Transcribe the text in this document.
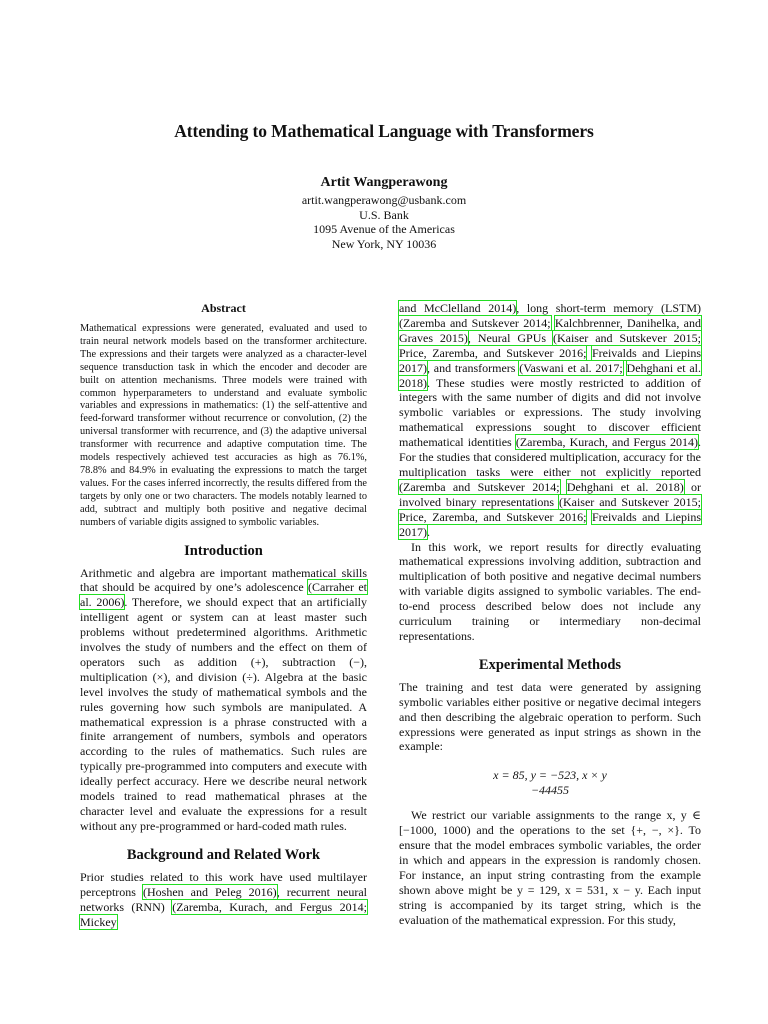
Attending to Mathematical Language with Transformers
Artit Wangperawong
artit.wangperawong@usbank.com
U.S. Bank
1095 Avenue of the Americas
New York, NY 10036
Abstract

Mathematical expressions were generated, evaluated and used to train neural network models based on the transformer architecture. The expressions and their targets were analyzed as a character-level sequence transduction task in which the encoder and decoder are built on attention mechanisms. Three models were trained with common hyperparameters to understand and evaluate symbolic variables and expressions in mathematics: (1) the self-attentive and feed-forward transformer without recurrence or convolution, (2) the universal transformer with recurrence, and (3) the adaptive universal transformer with recurrence and adaptive computation time. The models respectively achieved test accuracies as high as 76.1%, 78.8% and 84.9% in evaluating the expressions to match the target values. For the cases inferred incorrectly, the results differed from the targets by only one or two characters. The models notably learned to add, subtract and multiply both positive and negative decimal numbers of variable digits assigned to symbolic variables.

Introduction

Arithmetic and algebra are important mathematical skills that should be acquired by one’s adolescence (Carraher et al. 2006). Therefore, we should expect that an artificially intelligent agent or system can at least master such problems without predetermined algorithms. Arithmetic involves the study of numbers and the effect on them of operators such as addition (+), subtraction (−), multiplication (×), and division (÷). Algebra at the basic level involves the study of mathematical symbols and the rules governing how such symbols are manipulated. A mathematical expression is a phrase constructed with a finite arrangement of numbers, symbols and operators according to the rules of mathematics. Such rules are typically pre-programmed into computers and execute with ideally perfect accuracy. Here we describe neural network models trained to read mathematical phrases at the character level and evaluate the expressions for a result without any pre-programmed or hard-coded math rules.

Background and Related Work

Prior studies related to this work have used multilayer perceptrons (Hoshen and Peleg 2016), recurrent neural networks (RNN) (Zaremba, Kurach, and Fergus 2014; Mickey

and McClelland 2014), long short-term memory (LSTM) (Zaremba and Sutskever 2014; Kalchbrenner, Danihelka, and Graves 2015), Neural GPUs (Kaiser and Sutskever 2015; Price, Zaremba, and Sutskever 2016; Freivalds and Liepins 2017), and transformers (Vaswani et al. 2017; Dehghani et al. 2018). These studies were mostly restricted to addition of integers with the same number of digits and did not involve symbolic variables or expressions. The study involving mathematical expressions sought to discover efficient mathematical identities (Zaremba, Kurach, and Fergus 2014). For the studies that considered multiplication, accuracy for the multiplication tasks were either not explicitly reported (Zaremba and Sutskever 2014; Dehghani et al. 2018) or involved binary representations (Kaiser and Sutskever 2015; Price, Zaremba, and Sutskever 2016; Freivalds and Liepins 2017).

In this work, we report results for directly evaluating mathematical expressions involving addition, subtraction and multiplication of both positive and negative decimal numbers with variable digits assigned to symbolic variables. The end-to-end process described below does not include any curriculum training or intermediary non-decimal representations.

Experimental Methods

The training and test data were generated by assigning symbolic variables either positive or negative decimal integers and then describing the algebraic operation to perform. Such expressions were generated as input strings as shown in the example:

x = 85, y = −523, x × y
−44455

We restrict our variable assignments to the range x, y ∈ [−1000, 1000) and the operations to the set {+, −, ×}. To ensure that the model embraces symbolic variables, the order in which and appears in the expression is randomly chosen. For instance, an input string contrasting from the example shown above might be y = 129, x = 531, x − y. Each input string is accompanied by its target string, which is the evaluation of the mathematical expression. For this study,
